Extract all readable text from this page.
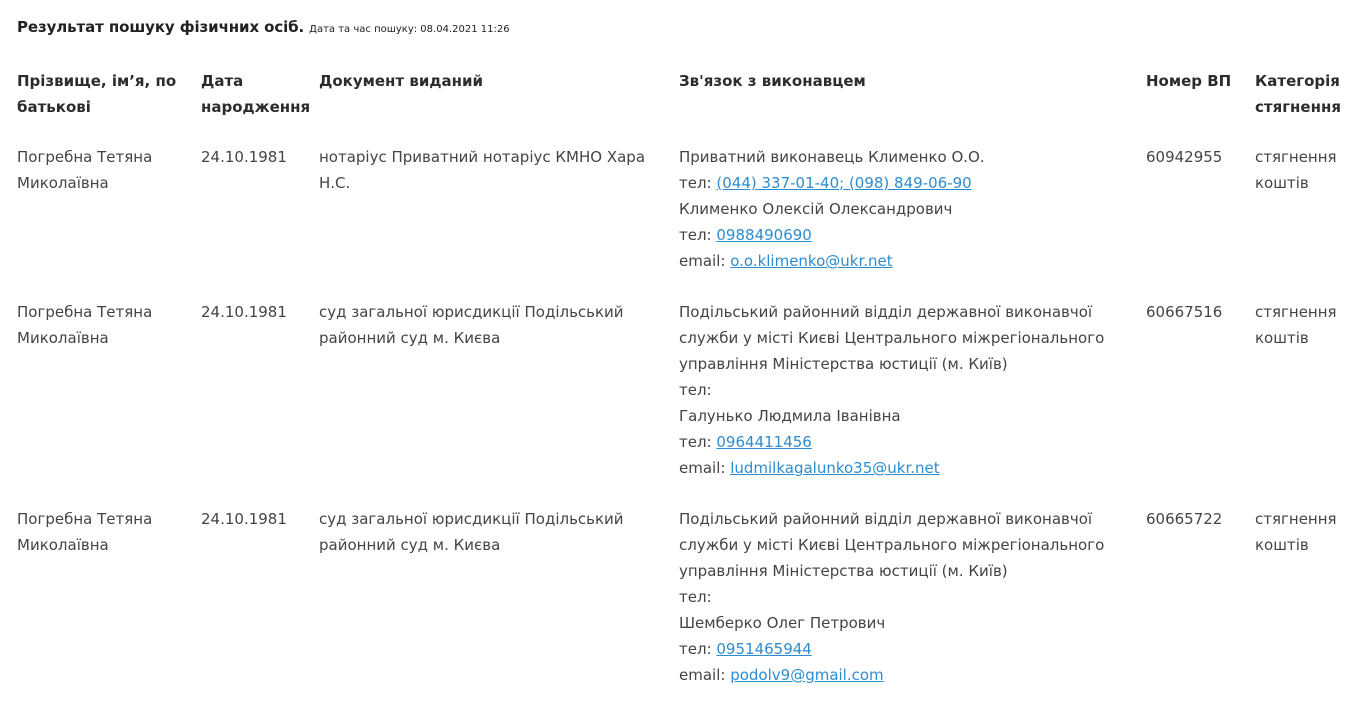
Результат пошуку фізичних осіб. Дата та час пошуку: 08.04.2021 11:26
Прізвище, ім’я, по батькові	Дата народження	Документ виданий	Зв'язок з виконавцем	Номер ВП	Категорія стягнення
Погребна Тетяна Миколаївна	24.10.1981	нотаріус Приватний нотаріус КМНО Хара Н.С.	Приватний виконавець Клименко О.О.
тел: (044) 337-01-40; (098) 849-06-90
Клименко Олексій Олександрович
тел: 0988490690
email: o.o.klimenko@ukr.net	60942955	стягнення коштів
Погребна Тетяна Миколаївна	24.10.1981	суд загальної юрисдикції Подільський районний суд м. Києва	Подільський районний відділ державної виконавчої служби у місті Києві Центрального міжрегіонального управління Міністерства юстиції (м. Київ)
тел:
Галунько Людмила Іванівна
тел: 0964411456
email: ludmilkagalunko35@ukr.net	60667516	стягнення коштів
Погребна Тетяна Миколаївна	24.10.1981	суд загальної юрисдикції Подільський районний суд м. Києва	Подільський районний відділ державної виконавчої служби у місті Києві Центрального міжрегіонального управління Міністерства юстиції (м. Київ)
тел:
Шемберко Олег Петрович
тел: 0951465944
email: podolv9@gmail.com	60665722	стягнення коштів
